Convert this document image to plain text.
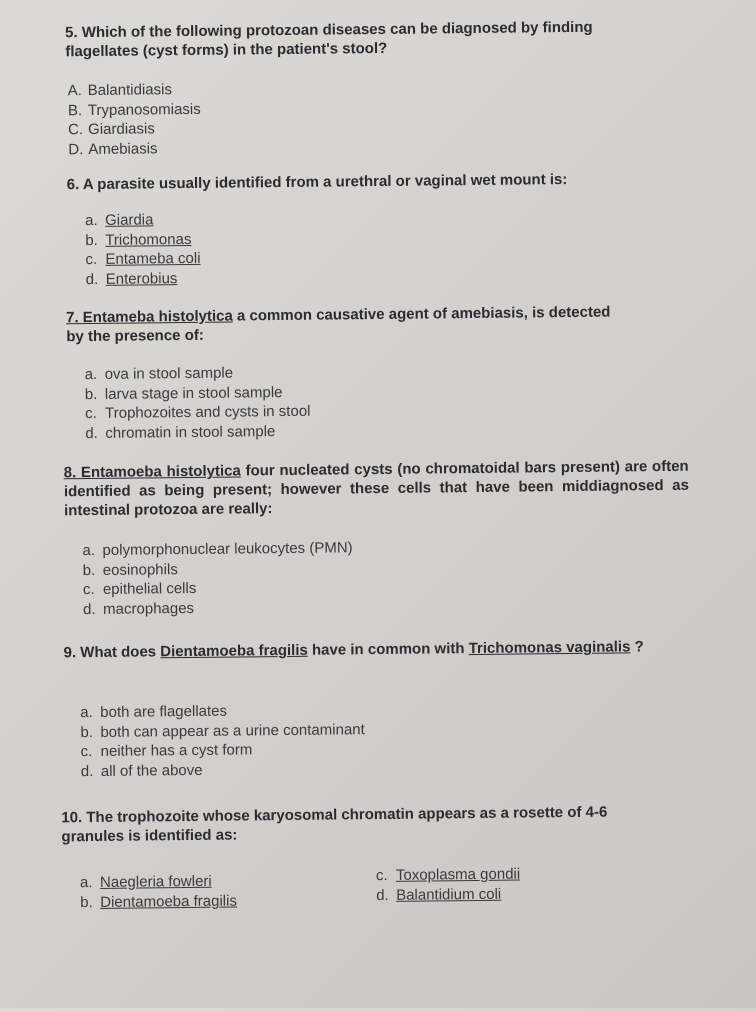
5. Which of the following protozoan diseases can be diagnosed by finding
flagellates (cyst forms) in the patient's stool?

A. Balantidiasis
B. Trypanosomiasis
C. Giardiasis
D. Amebiasis

6. A parasite usually identified from a urethral or vaginal wet mount is:

a. Giardia
b. Trichomonas
c. Entameba coli
d. Enterobius

7. Entameba histolytica a common causative agent of amebiasis, is detected
by the presence of:

a. ova in stool sample
b. larva stage in stool sample
c. Trophozoites and cysts in stool
d. chromatin in stool sample

8. Entamoeba histolytica four nucleated cysts (no chromatoidal bars present) are often identified as being present; however these cells that have been middiagnosed as intestinal protozoa are really:

a. polymorphonuclear leukocytes (PMN)
b. eosinophils
c. epithelial cells
d. macrophages

9. What does Dientamoeba fragilis have in common with Trichomonas vaginalis ?

a. both are flagellates
b. both can appear as a urine contaminant
c. neither has a cyst form
d. all of the above

10. The trophozoite whose karyosomal chromatin appears as a rosette of 4-6
granules is identified as:

a. Naegleria fowleri
b. Dientamoeba fragilis
c. Toxoplasma gondii
d. Balantidium coli
